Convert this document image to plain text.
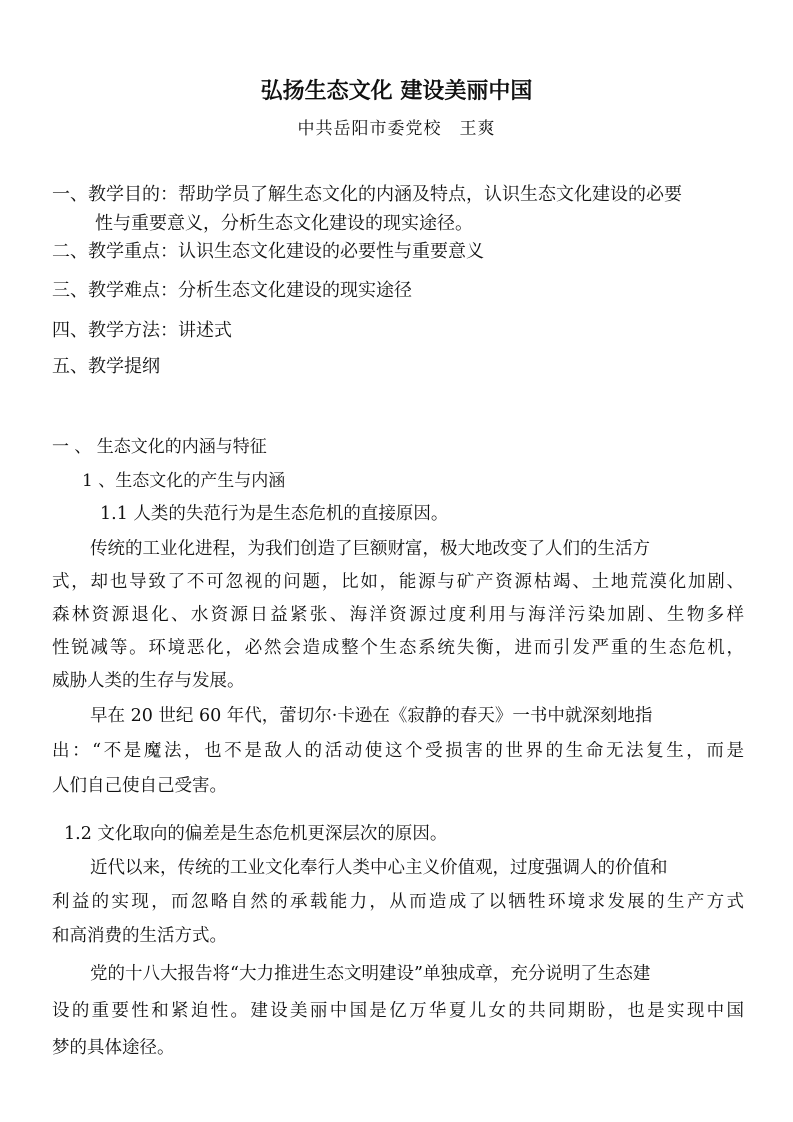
弘扬生态文化 建设美丽中国
中共岳阳市委党校　王爽
一、教学目的：帮助学员了解生态文化的内涵及特点，认识生态文化建设的必要
性与重要意义，分析生态文化建设的现实途径。
二、教学重点：认识生态文化建设的必要性与重要意义
三、教学难点：分析生态文化建设的现实途径
四、教学方法：讲述式
五、教学提纲
一 、 生态文化的内涵与特征
1 、生态文化的产生与内涵
1.1 人类的失范行为是生态危机的直接原因。
传统的工业化进程，为我们创造了巨额财富，极大地改变了人们的生活方
式，却也导致了不可忽视的问题，比如，能源与矿产资源枯竭、土地荒漠化加剧、
森林资源退化、水资源日益紧张、海洋资源过度利用与海洋污染加剧、生物多样
性锐减等。环境恶化，必然会造成整个生态系统失衡，进而引发严重的生态危机，
威胁人类的生存与发展。
早在 20 世纪 60 年代，蕾切尔·卡逊在《寂静的春天》一书中就深刻地指
出：“不是魔法，也不是敌人的活动使这个受损害的世界的生命无法复生，而是
人们自己使自己受害。
1.2 文化取向的偏差是生态危机更深层次的原因。
近代以来，传统的工业文化奉行人类中心主义价值观，过度强调人的价值和
利益的实现，而忽略自然的承载能力，从而造成了以牺牲环境求发展的生产方式
和高消费的生活方式。
党的十八大报告将“大力推进生态文明建设”单独成章，充分说明了生态建
设的重要性和紧迫性。建设美丽中国是亿万华夏儿女的共同期盼，也是实现中国
梦的具体途径。
